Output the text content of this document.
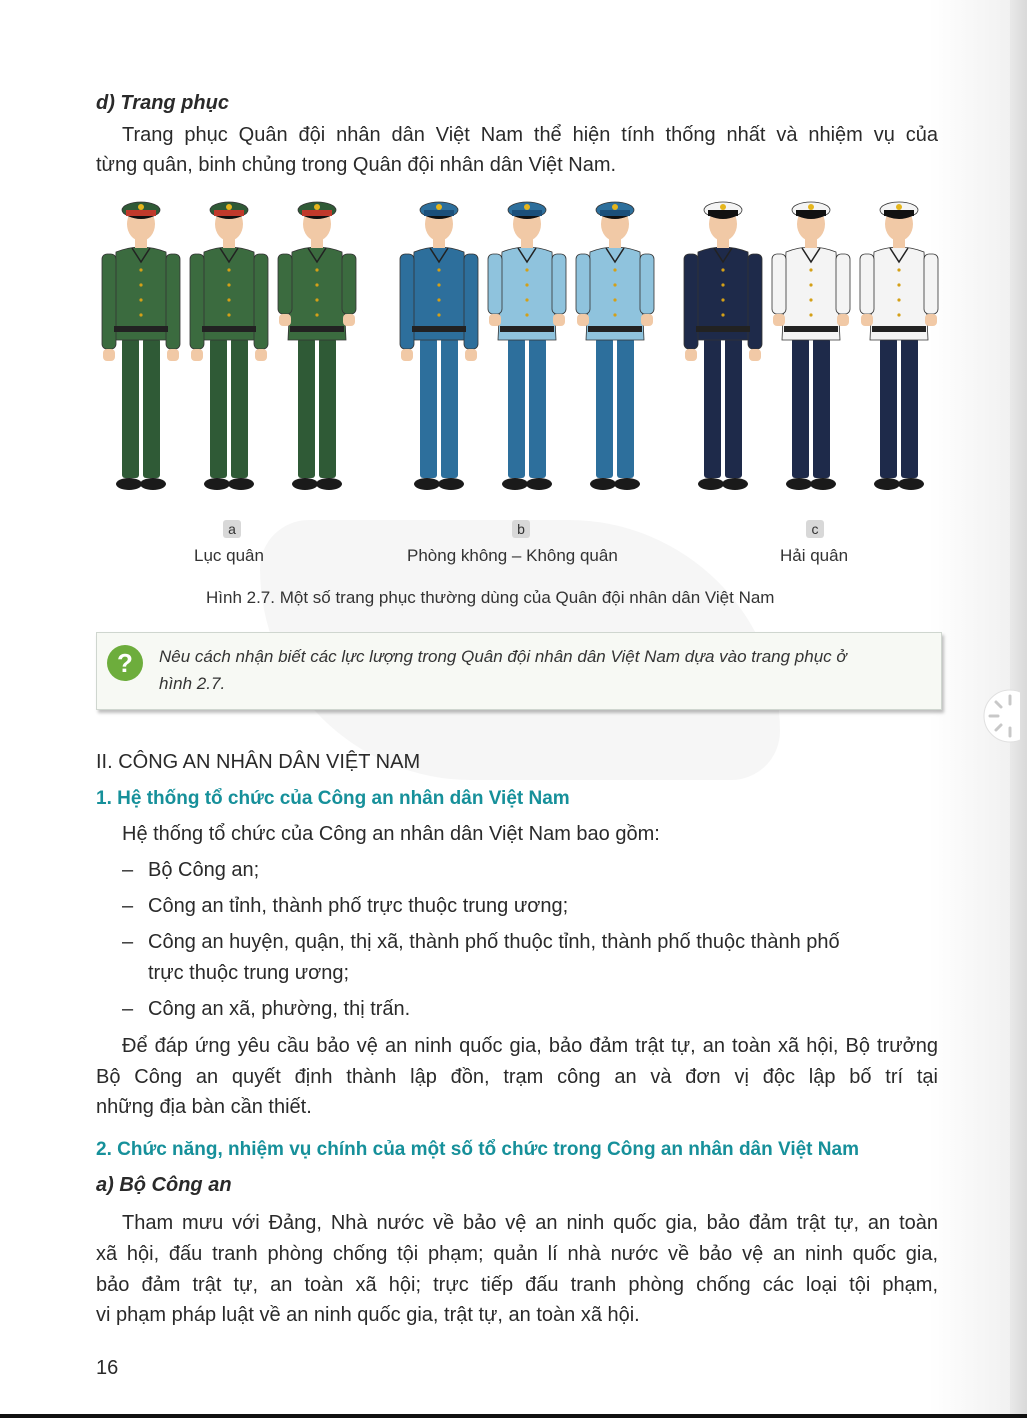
d) Trang phục
Trang phục Quân đội nhân dân Việt Nam thể hiện tính thống nhất và nhiệm vụ của
từng quân, binh chủng trong Quân đội nhân dân Việt Nam.
a	b	c
Lục quân	Phòng không – Không quân	Hải quân
Hình 2.7. Một số trang phục thường dùng của Quân đội nhân dân Việt Nam
?	Nêu cách nhận biết các lực lượng trong Quân đội nhân dân Việt Nam dựa vào trang phục ở
hình 2.7.
II. CÔNG AN NHÂN DÂN VIỆT NAM
1. Hệ thống tổ chức của Công an nhân dân Việt Nam
Hệ thống tổ chức của Công an nhân dân Việt Nam bao gồm:
– Bộ Công an;
– Công an tỉnh, thành phố trực thuộc trung ương;
– Công an huyện, quận, thị xã, thành phố thuộc tỉnh, thành phố thuộc thành phố
trực thuộc trung ương;
– Công an xã, phường, thị trấn.
Để đáp ứng yêu cầu bảo vệ an ninh quốc gia, bảo đảm trật tự, an toàn xã hội, Bộ trưởng
Bộ Công an quyết định thành lập đồn, trạm công an và đơn vị độc lập bố trí tại
những địa bàn cần thiết.
2. Chức năng, nhiệm vụ chính của một số tổ chức trong Công an nhân dân Việt Nam
a) Bộ Công an
Tham mưu với Đảng, Nhà nước về bảo vệ an ninh quốc gia, bảo đảm trật tự, an toàn
xã hội, đấu tranh phòng chống tội phạm; quản lí nhà nước về bảo vệ an ninh quốc gia,
bảo đảm trật tự, an toàn xã hội; trực tiếp đấu tranh phòng chống các loại tội phạm,
vi phạm pháp luật về an ninh quốc gia, trật tự, an toàn xã hội.
16
